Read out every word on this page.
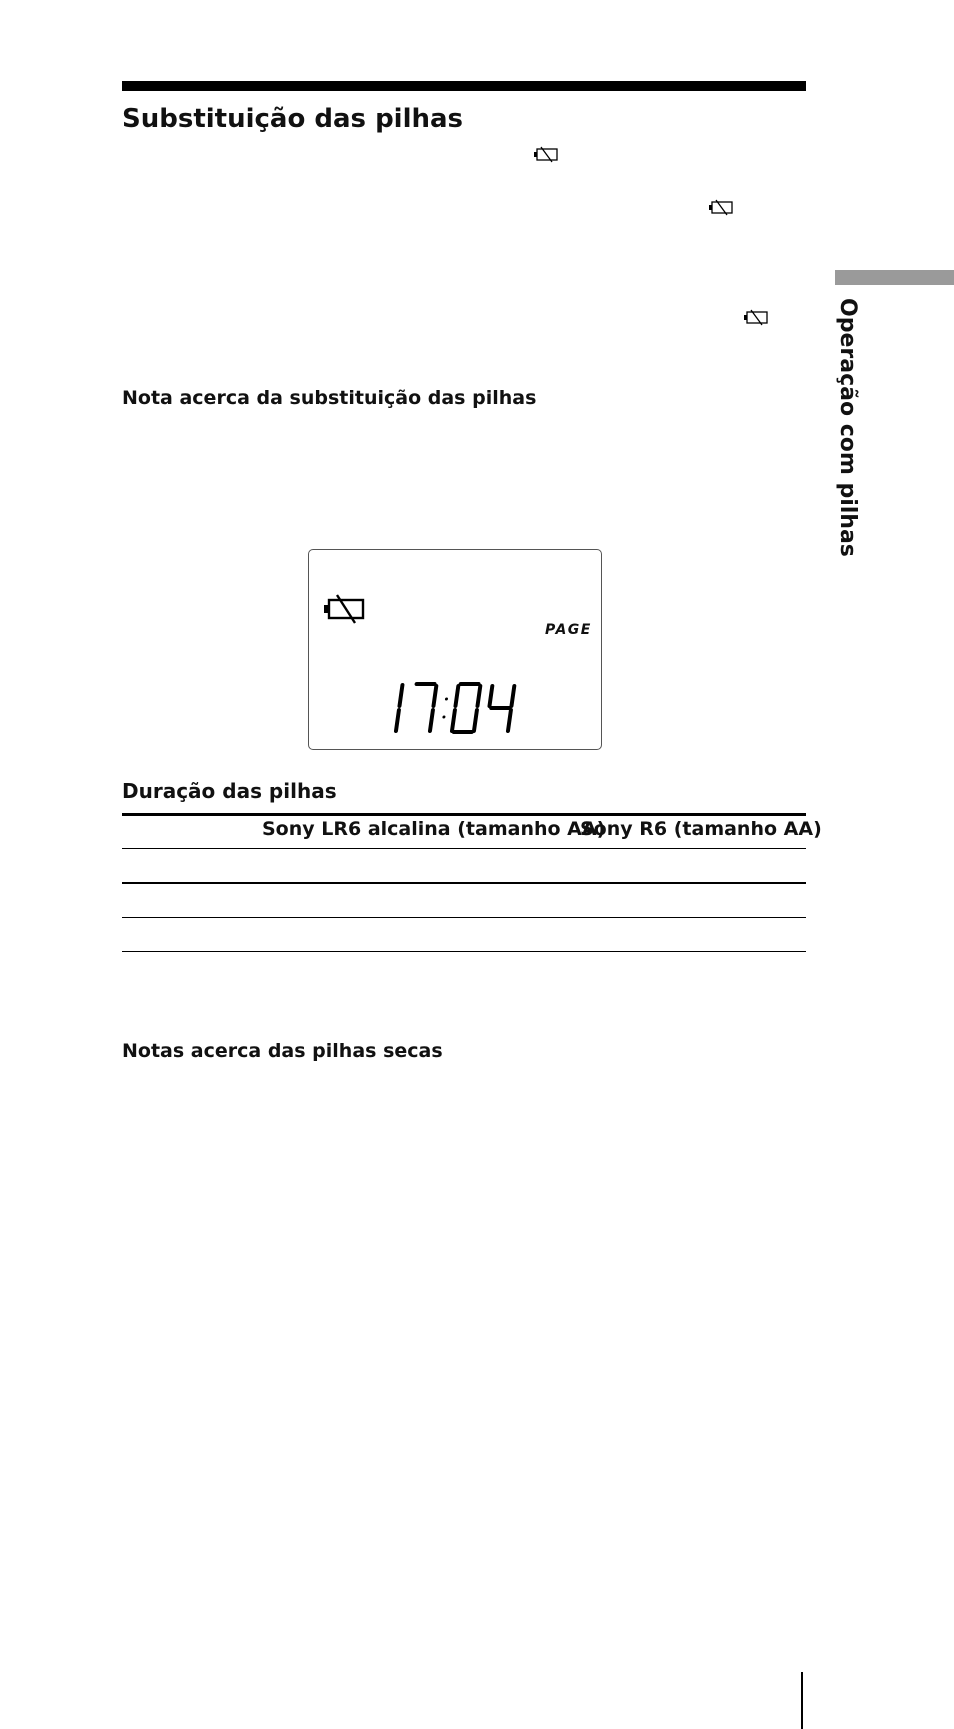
Substituição das pilhas
Operação com pilhas
Nota acerca da substituição das pilhas
PAGE
Duração das pilhas
Sony LR6 alcalina (tamanho AA)
Sony R6 (tamanho AA)
Notas acerca das pilhas secas
